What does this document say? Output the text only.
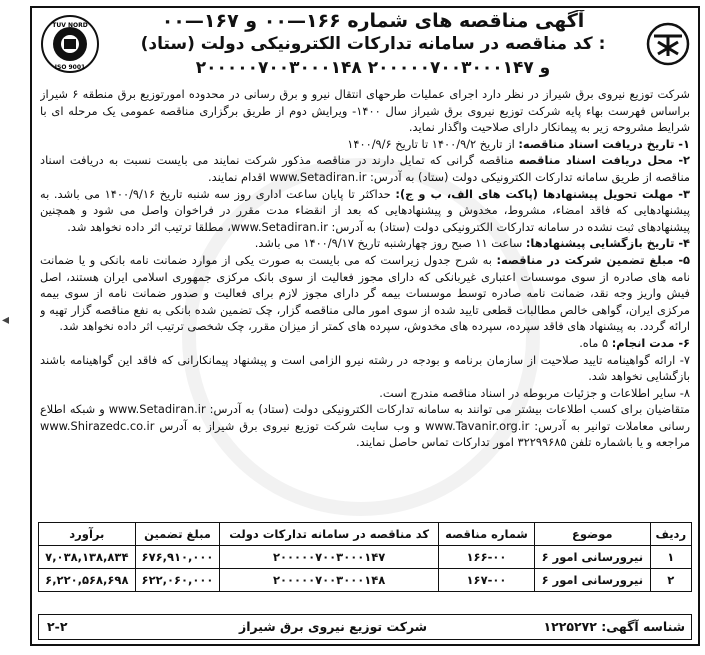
◂
TUV NORD
ISO 9001
آگهی مناقصه های شماره ۱۶۶—۰۰ و ۱۶۷—۰۰
کد مناقصه در سامانه تدارکات الکترونیکی دولت (ستاد) :
۲۰۰۰۰۰۷۰۰۳۰۰۰۱۴۸ و ۲۰۰۰۰۰۷۰۰۳۰۰۰۱۴۷

شرکت توزیع نیروی برق شیراز در نظر دارد اجرای عملیات طرحهای انتقال نیرو و برق رسانی در محدوده امورتوزیع برق منطقه ۶ شیراز براساس فهرست بهاء پایه شرکت توزیع نیروی برق شیراز سال ۱۴۰۰- ویرایش دوم از طریق برگزاری مناقصه عمومی یک مرحله ای با شرایط مشروحه زیر به پیمانکار دارای صلاحیت واگذار نماید.

۱- تاریخ دریافت اسناد مناقصه: از تاریخ ۱۴۰۰/۹/۲ تا تاریخ ۱۴۰۰/۹/۶

۲- محل دریافت اسناد مناقصه مناقصه گرانی که تمایل دارند در مناقصه مذکور شرکت نمایند می بایست نسبت به دریافت اسناد مناقصه از طریق سامانه تدارکات الکترونیکی دولت (ستاد) به آدرس: www.Setadiran.ir اقدام نمایند.

۳- مهلت تحویل پیشنهادها (پاکت های الف، ب و ج): حداکثر تا پایان ساعت اداری روز سه شنبه تاریخ ۱۴۰۰/۹/۱۶ می باشد. به پیشنهادهایی که فاقد امضاء، مشروط، مخدوش و پیشنهادهایی که بعد از انقضاء مدت مقرر در فراخوان واصل می شود و همچنین پیشنهادهای ثبت نشده در سامانه تدارکات الکترونیکی دولت (ستاد) به آدرس: www.Setadiran.ir، مطلقا ترتیب اثر داده نخواهد شد.

۴- تاریخ بازگشایی پیشنهادها: ساعت ۱۱ صبح روز چهارشنبه تاریخ ۱۴۰۰/۹/۱۷ می باشد.

۵- مبلغ تضمین شرکت در مناقصه: به شرح جدول زیراست که می بایست به صورت یکی از موارد ضمانت نامه بانکی و یا ضمانت نامه های صادره از سوی موسسات اعتباری غیربانکی که دارای مجوز فعالیت از سوی بانک مرکزی جمهوری اسلامی ایران هستند، اصل فیش واریز وجه نقد، ضمانت نامه صادره توسط موسسات بیمه گر دارای مجوز لازم برای فعالیت و صدور ضمانت نامه از سوی بیمه مرکزی ایران، گواهی خالص مطالبات قطعی تایید شده از سوی امور مالی مناقصه گزار، چک تضمین شده بانکی به نفع مناقصه گزار تهیه و ارائه گردد. به پیشنهاد های فاقد سپرده، سپرده های مخدوش، سپرده های کمتر از میزان مقرر، چک شخصی ترتیب اثر داده نخواهد شد.

۶- مدت انجام: ۵ ماه.

۷- ارائه گواهینامه تایید صلاحیت از سازمان برنامه و بودجه در رشته نیرو الزامی است و پیشنهاد پیمانکارانی که فاقد این گواهینامه باشند بازگشایی نخواهد شد.

۸- سایر اطلاعات و جزئیات مربوطه در اسناد مناقصه مندرج است.

متقاضیان برای کسب اطلاعات بیشتر می توانند به سامانه تدارکات الکترونیکی دولت (ستاد) به آدرس: www.Setadiran.ir و شبکه اطلاع رسانی معاملات توانیر به آدرس: www.Tavanir.org.ir و وب سایت شرکت توزیع نیروی برق شیراز به آدرس www.Shirazedc.co.ir مراجعه و یا باشماره تلفن ۳۲۲۹۹۶۸۵ امور تدارکات تماس حاصل نمایند.

ردیف	موضوع	شماره مناقصه	کد مناقصه در سامانه تدارکات دولت	مبلغ تضمین	برآورد
۱	نیرورسانی امور ۶	۱۶۶-۰۰	۲۰۰۰۰۰۷۰۰۳۰۰۰۱۴۷	۶۷۶,۹۱۰,۰۰۰	۷,۰۳۸,۱۳۸,۸۳۴
۲	نیرورسانی امور ۶	۱۶۷-۰۰	۲۰۰۰۰۰۷۰۰۳۰۰۰۱۴۸	۶۲۲,۰۶۰,۰۰۰	۶,۲۲۰,۵۶۸,۶۹۸
شناسه آگهی: ۱۲۲۵۲۷۲
شرکت توزیع نیروی برق شیراز
۲-۲
